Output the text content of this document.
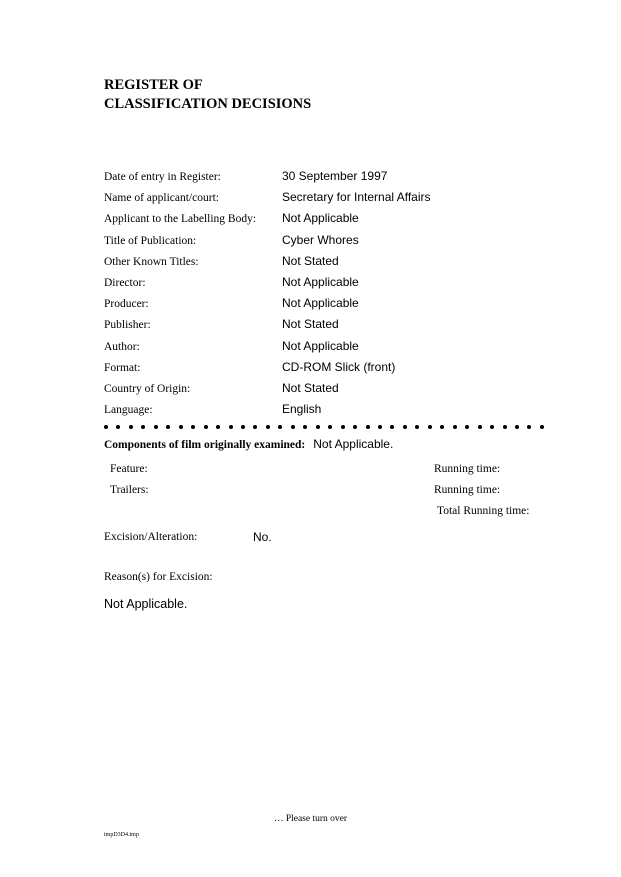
REGISTER OF
CLASSIFICATION DECISIONS
Date of entry in Register:	30 September 1997
Name of applicant/court:	Secretary for Internal Affairs
Applicant to the Labelling Body: Not Applicable
Title of Publication:	Cyber Whores
Other Known Titles:	Not Stated
Director:	Not Applicable
Producer:	Not Applicable
Publisher:	Not Stated
Author:	Not Applicable
Format:	CD-ROM Slick (front)
Country of Origin:	Not Stated
Language:	English
Components of film originally examined: Not Applicable.
Feature:	Running time:
Trailers:	Running time:
Total Running time:
Excision/Alteration:	No.
Reason(s) for Excision:
Not Applicable.
… Please turn over
tmpD3D4.tmp
